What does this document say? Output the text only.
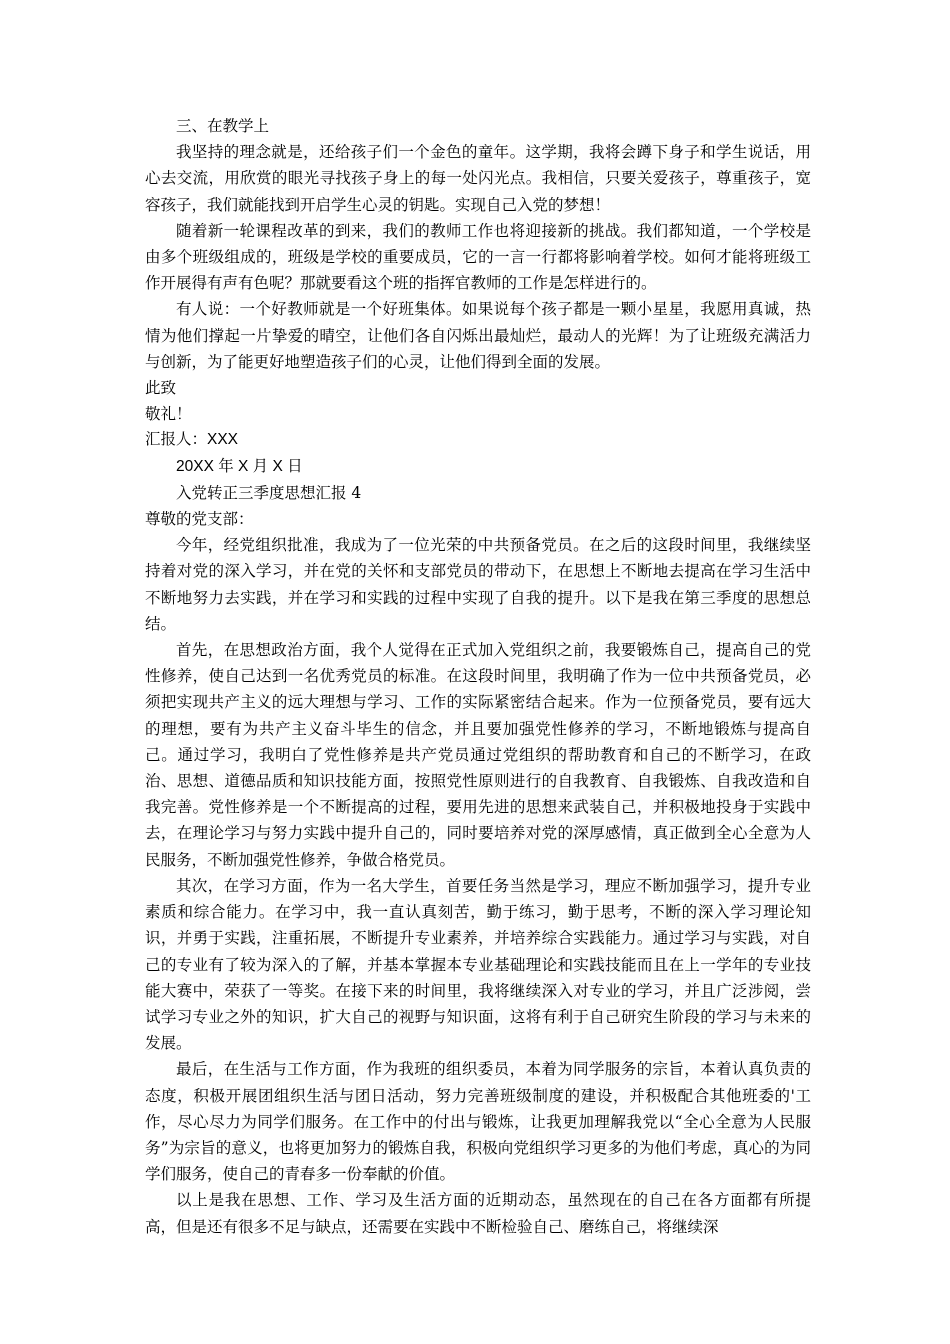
三、在教学上

我坚持的理念就是，还给孩子们一个金色的童年。这学期，我将会蹲下身子和学生说话，用心去交流，用欣赏的眼光寻找孩子身上的每一处闪光点。我相信，只要关爱孩子，尊重孩子，宽容孩子，我们就能找到开启学生心灵的钥匙。实现自己入党的梦想！

随着新一轮课程改革的到来，我们的教师工作也将迎接新的挑战。我们都知道，一个学校是由多个班级组成的，班级是学校的重要成员，它的一言一行都将影响着学校。如何才能将班级工作开展得有声有色呢？那就要看这个班的指挥官教师的工作是怎样进行的。

有人说：一个好教师就是一个好班集体。如果说每个孩子都是一颗小星星，我愿用真诚，热情为他们撑起一片挚爱的晴空，让他们各自闪烁出最灿烂，最动人的光辉！为了让班级充满活力与创新，为了能更好地塑造孩子们的心灵，让他们得到全面的发展。

此致

敬礼！

汇报人：XXX

20XX 年 X 月 X 日

入党转正三季度思想汇报 4

尊敬的党支部：

今年，经党组织批准，我成为了一位光荣的中共预备党员。在之后的这段时间里，我继续坚持着对党的深入学习，并在党的关怀和支部党员的带动下，在思想上不断地去提高在学习生活中不断地努力去实践，并在学习和实践的过程中实现了自我的提升。以下是我在第三季度的思想总结。

首先，在思想政治方面，我个人觉得在正式加入党组织之前，我要锻炼自己，提高自己的党性修养，使自己达到一名优秀党员的标准。在这段时间里，我明确了作为一位中共预备党员，必须把实现共产主义的远大理想与学习、工作的实际紧密结合起来。作为一位预备党员，要有远大的理想，要有为共产主义奋斗毕生的信念，并且要加强党性修养的学习，不断地锻炼与提高自己。通过学习，我明白了党性修养是共产党员通过党组织的帮助教育和自己的不断学习，在政治、思想、道德品质和知识技能方面，按照党性原则进行的自我教育、自我锻炼、自我改造和自我完善。党性修养是一个不断提高的过程，要用先进的思想来武装自己，并积极地投身于实践中去，在理论学习与努力实践中提升自己的，同时要培养对党的深厚感情，真正做到全心全意为人民服务，不断加强党性修养，争做合格党员。

其次，在学习方面，作为一名大学生，首要任务当然是学习，理应不断加强学习，提升专业素质和综合能力。在学习中，我一直认真刻苦，勤于练习，勤于思考，不断的深入学习理论知识，并勇于实践，注重拓展，不断提升专业素养，并培养综合实践能力。通过学习与实践，对自己的专业有了较为深入的了解，并基本掌握本专业基础理论和实践技能而且在上一学年的专业技能大赛中，荣获了一等奖。在接下来的时间里，我将继续深入对专业的学习，并且广泛涉阅，尝试学习专业之外的知识，扩大自己的视野与知识面，这将有利于自己研究生阶段的学习与未来的发展。

最后，在生活与工作方面，作为我班的组织委员，本着为同学服务的宗旨，本着认真负责的态度，积极开展团组织生活与团日活动，努力完善班级制度的建设，并积极配合其他班委的'工作，尽心尽力为同学们服务。在工作中的付出与锻炼，让我更加理解我党以“全心全意为人民服务”为宗旨的意义，也将更加努力的锻炼自我，积极向党组织学习更多的为他们考虑，真心的为同学们服务，使自己的青春多一份奉献的价值。

以上是我在思想、工作、学习及生活方面的近期动态，虽然现在的自己在各方面都有所提高，但是还有很多不足与缺点，还需要在实践中不断检验自己、磨练自己，将继续深
